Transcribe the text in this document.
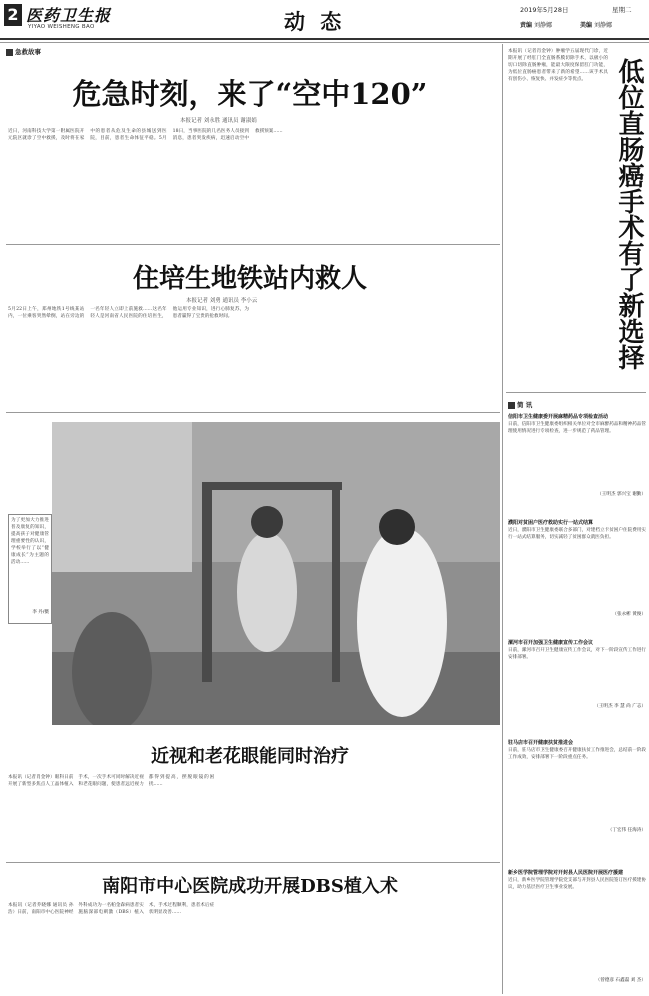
2 医药卫生报
YIYAO WEISHENG BAO	动 态	2019年5月28日	星期二
责编 刘静娜	美编 刘静娜
急救故事
危急时刻，来了“空中120”
本报记者 刘永胜 通讯员 谢淑娟
近日，河南科技大学第一附属医院开元院区就诊了空中救援，及时将在家中的患者从危及生命的县城送到医院，目前，患者生命体征平稳。5月18日，当事医院的几名医务人员接到消息，患者突发疾病，迅速启动空中救援预案……
住培生地铁站内救人
本报记者 刘勇 通讯员 李小云
5月22日上午，郑州地铁1号线某站内，一位乘客突然晕倒，站在旁边的一名年轻人立即上前施救……这名年轻人是河南省人民医院的住培医生，他运用专业知识，进行心肺复苏，为患者赢得了宝贵的抢救时间。
为了更加大力推进普及康复的知识，提高孩子对健康管理重要性的认识，学校举行了以“健康成长”为主题的活动……
李 丹/摄
近视和老花眼能同时治疗
本报讯（记者肖金钟）眼科日前开展了新型多焦点人工晶体植入手术，一次手术可同时解决近视和老花眼问题，使患者远近视力都得到提高，摆脱眼镜的困扰……
南阳市中心医院成功开展DBS植入术
本报讯（记者乔晓娜 通讯员 孙 浩）日前，南阳市中心医院神经外科成功为一名帕金森病患者实施脑深部电刺激（DBS）植入术，手术过程顺利，患者术后症状明显改善……
低位直肠癌手术有了新选择
本报讯（记者肖金钟）肿瘤学五届现代门诊，近期开展了经肛门全直肠系膜切除手术，以极小的切口切除直肠肿瘤，能最大限度保留肛门功能，为低位直肠癌患者带来了新的希望……该手术具有创伤小、恢复快、并发症少等优点。
简 讯
信阳市卫生健康委开展麻精药品专项检查活动
日前，信阳市卫生健康委组织相关单位对全市麻醉药品和精神药品管理使用情况进行专项检查，进一步规范了药品管理。
（王明杰 郭兴宝 谢勤）
濮阳对贫困户医疗救助实行一站式结算
近日，濮阳市卫生健康委联合多部门，对建档立卡贫困户住院费用实行一站式结算服务，切实减轻了贫困群众就医负担。
（张永彬 黄俊）
漯河市召开加强卫生健康宣传工作会议
日前，漯河市召开卫生健康宣传工作会议，对下一阶段宣传工作进行安排部署。
（王明杰 李 慧 尚 广志）
驻马店市召开健康扶贫推进会
日前，驻马店市卫生健康委召开健康扶贫工作推进会，总结前一阶段工作成效，安排部署下一阶段重点任务。
（丁宏伟 任海涛）
新乡医学院管理学院对开封县人民医院开展医疗援建
近日，新乡医学院管理学院党支部与开封县人民医院签订医疗援建协议，助力基层医疗卫生事业发展。
（曾德彦 石鑫磊 刘 杰）
